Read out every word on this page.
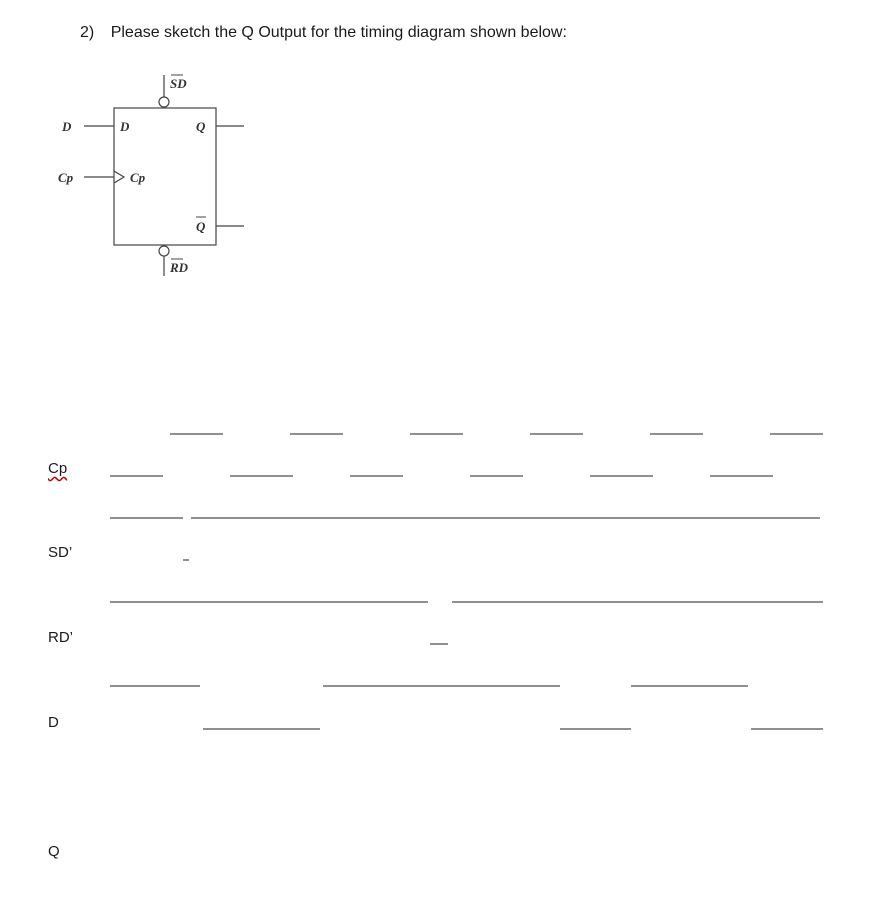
2) Please sketch the Q Output for the timing diagram shown below:
D	D
Cp	Cp
Q
Q
SD
RD
Cp
SD’
RD’
D
Q
